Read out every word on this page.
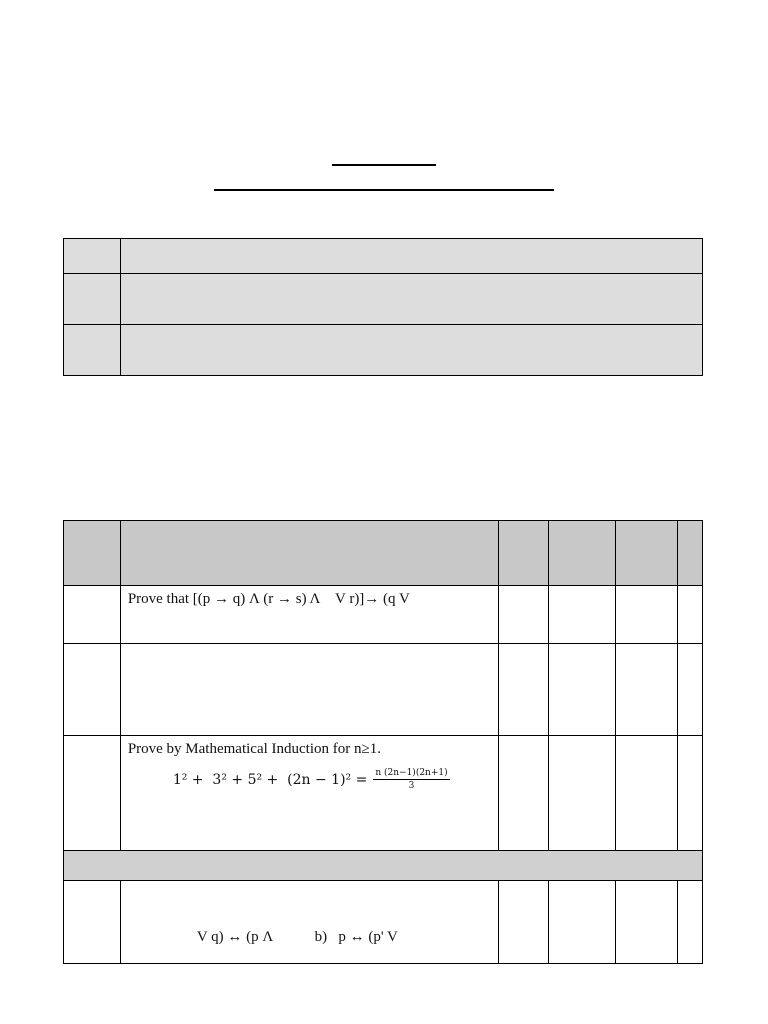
	Prove that [(p → q) Λ (r → s) Λ    V r)]→ (q V				

	Prove by Mathematical Induction for n≥1.
$1^2 + 3^2 + 5^2 + (2n - 1)^2 = \frac{n (2n-1)(2n+1)}{3}$

	V q) ↔ (p Λ b)   p ↔ (p' V				
